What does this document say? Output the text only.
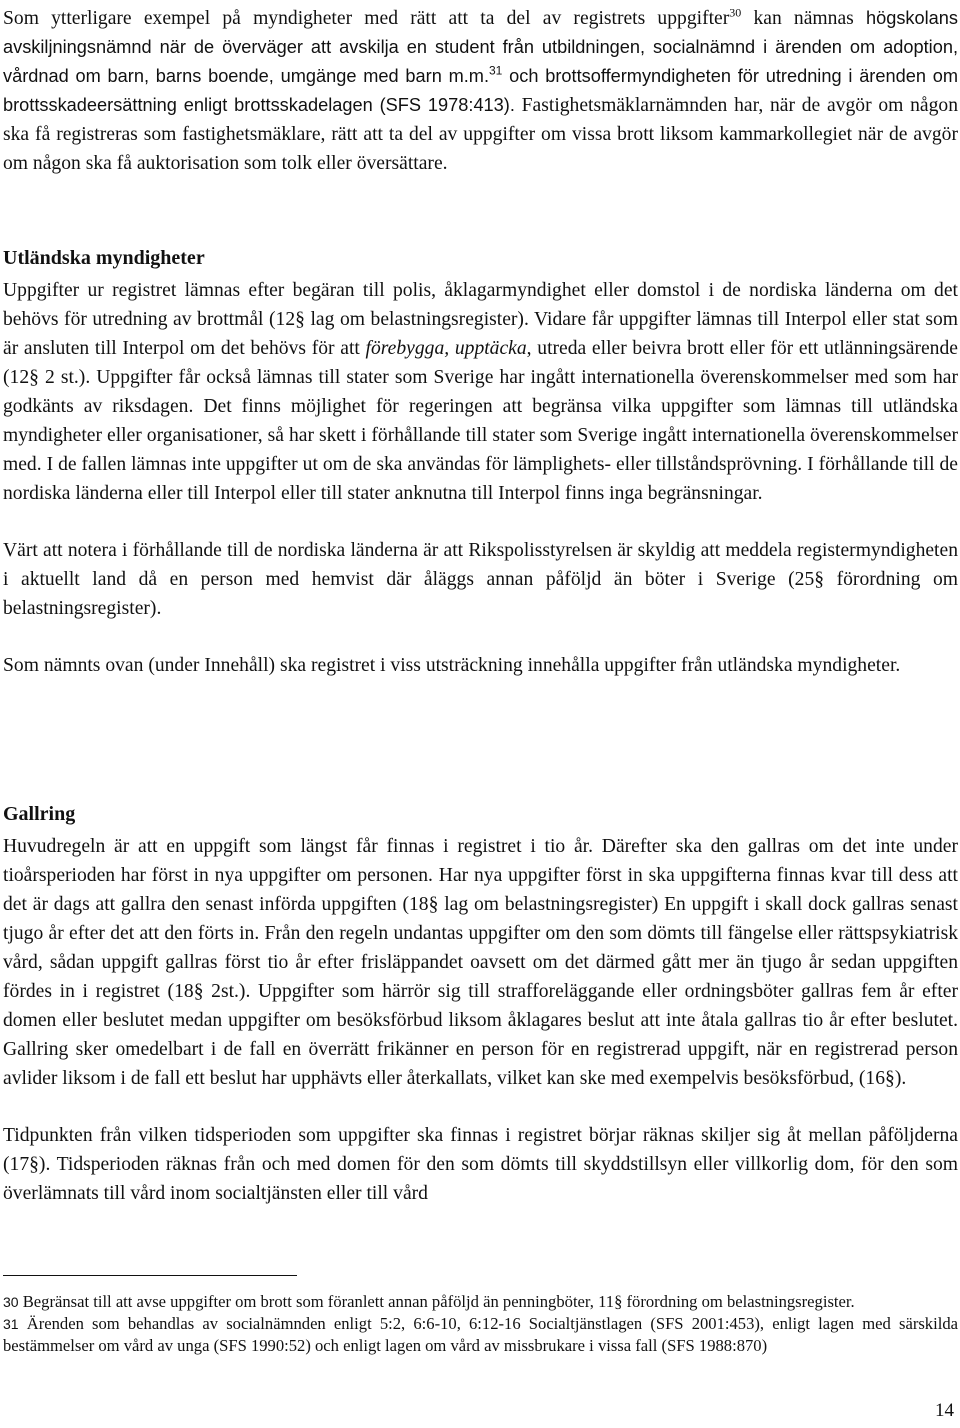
Som ytterligare exempel på myndigheter med rätt att ta del av registrets uppgifter$^{30}$ kan nämnas högskolans avskiljningsnämnd när de överväger att avskilja en student från utbildningen, socialnämnd i ärenden om adoption, vårdnad om barn, barns boende, umgänge med barn m.m.$^{31}$ och brottsoffermyndigheten för utredning i ärenden om brottsskadeersättning enligt brottsskadelagen (SFS 1978:413). Fastighetsmäklarnämnden har, när de avgör om någon ska få registreras som fastighetsmäklare, rätt att ta del av uppgifter om vissa brott liksom kammarkollegiet när de avgör om någon ska få auktorisation som tolk eller översättare.

Utländska myndigheter

Uppgifter ur registret lämnas efter begäran till polis, åklagarmyndighet eller domstol i de nordiska länderna om det behövs för utredning av brottmål (12§ lag om belastningsregister). Vidare får uppgifter lämnas till Interpol eller stat som är ansluten till Interpol om det behövs för att förebygga, upptäcka, utreda eller beivra brott eller för ett utlänningsärende (12§ 2 st.). Uppgifter får också lämnas till stater som Sverige har ingått internationella överenskommelser med som har godkänts av riksdagen. Det finns möjlighet för regeringen att begränsa vilka uppgifter som lämnas till utländska myndigheter eller organisationer, så har skett i förhållande till stater som Sverige ingått internationella överenskommelser med. I de fallen lämnas inte uppgifter ut om de ska användas för lämplighets- eller tillståndsprövning. I förhållande till de nordiska länderna eller till Interpol eller till stater anknutna till Interpol finns inga begränsningar.

Värt att notera i förhållande till de nordiska länderna är att Rikspolisstyrelsen är skyldig att meddela registermyndigheten i aktuellt land då en person med hemvist där åläggs annan påföljd än böter i Sverige (25§ förordning om belastningsregister).

Som nämnts ovan (under Innehåll) ska registret i viss utsträckning innehålla uppgifter från utländska myndigheter.

Gallring

Huvudregeln är att en uppgift som längst får finnas i registret i tio år. Därefter ska den gallras om det inte under tioårsperioden har först in nya uppgifter om personen. Har nya uppgifter först in ska uppgifterna finnas kvar till dess att det är dags att gallra den senast införda uppgiften (18§ lag om belastningsregister) En uppgift i skall dock gallras senast tjugo år efter det att den förts in. Från den regeln undantas uppgifter om den som dömts till fängelse eller rättspsykiatrisk vård, sådan uppgift gallras först tio år efter frisläppandet oavsett om det därmed gått mer än tjugo år sedan uppgiften fördes in i registret (18§ 2st.). Uppgifter som härrör sig till strafforeläggande eller ordningsböter gallras fem år efter domen eller beslutet medan uppgifter om besöksförbud liksom åklagares beslut att inte åtala gallras tio år efter beslutet. Gallring sker omedelbart i de fall en överrätt frikänner en person för en registrerad uppgift, när en registrerad person avlider liksom i de fall ett beslut har upphävts eller återkallats, vilket kan ske med exempelvis besöksförbud, (16§).

Tidpunkten från vilken tidsperioden som uppgifter ska finnas i registret börjar räknas skiljer sig åt mellan påföljderna (17§). Tidsperioden räknas från och med domen för den som dömts till skyddstillsyn eller villkorlig dom, för den som överlämnats till vård inom socialtjänsten eller till vård

30 Begränsat till att avse uppgifter om brott som föranlett annan påföljd än penningböter, 11§ förordning om belastningsregister.

31 Ärenden som behandlas av socialnämnden enligt 5:2, 6:6-10, 6:12-16 Socialtjänstlagen (SFS 2001:453), enligt lagen med särskilda bestämmelser om vård av unga (SFS 1990:52) och enligt lagen om vård av missbrukare i vissa fall (SFS 1988:870)

14
